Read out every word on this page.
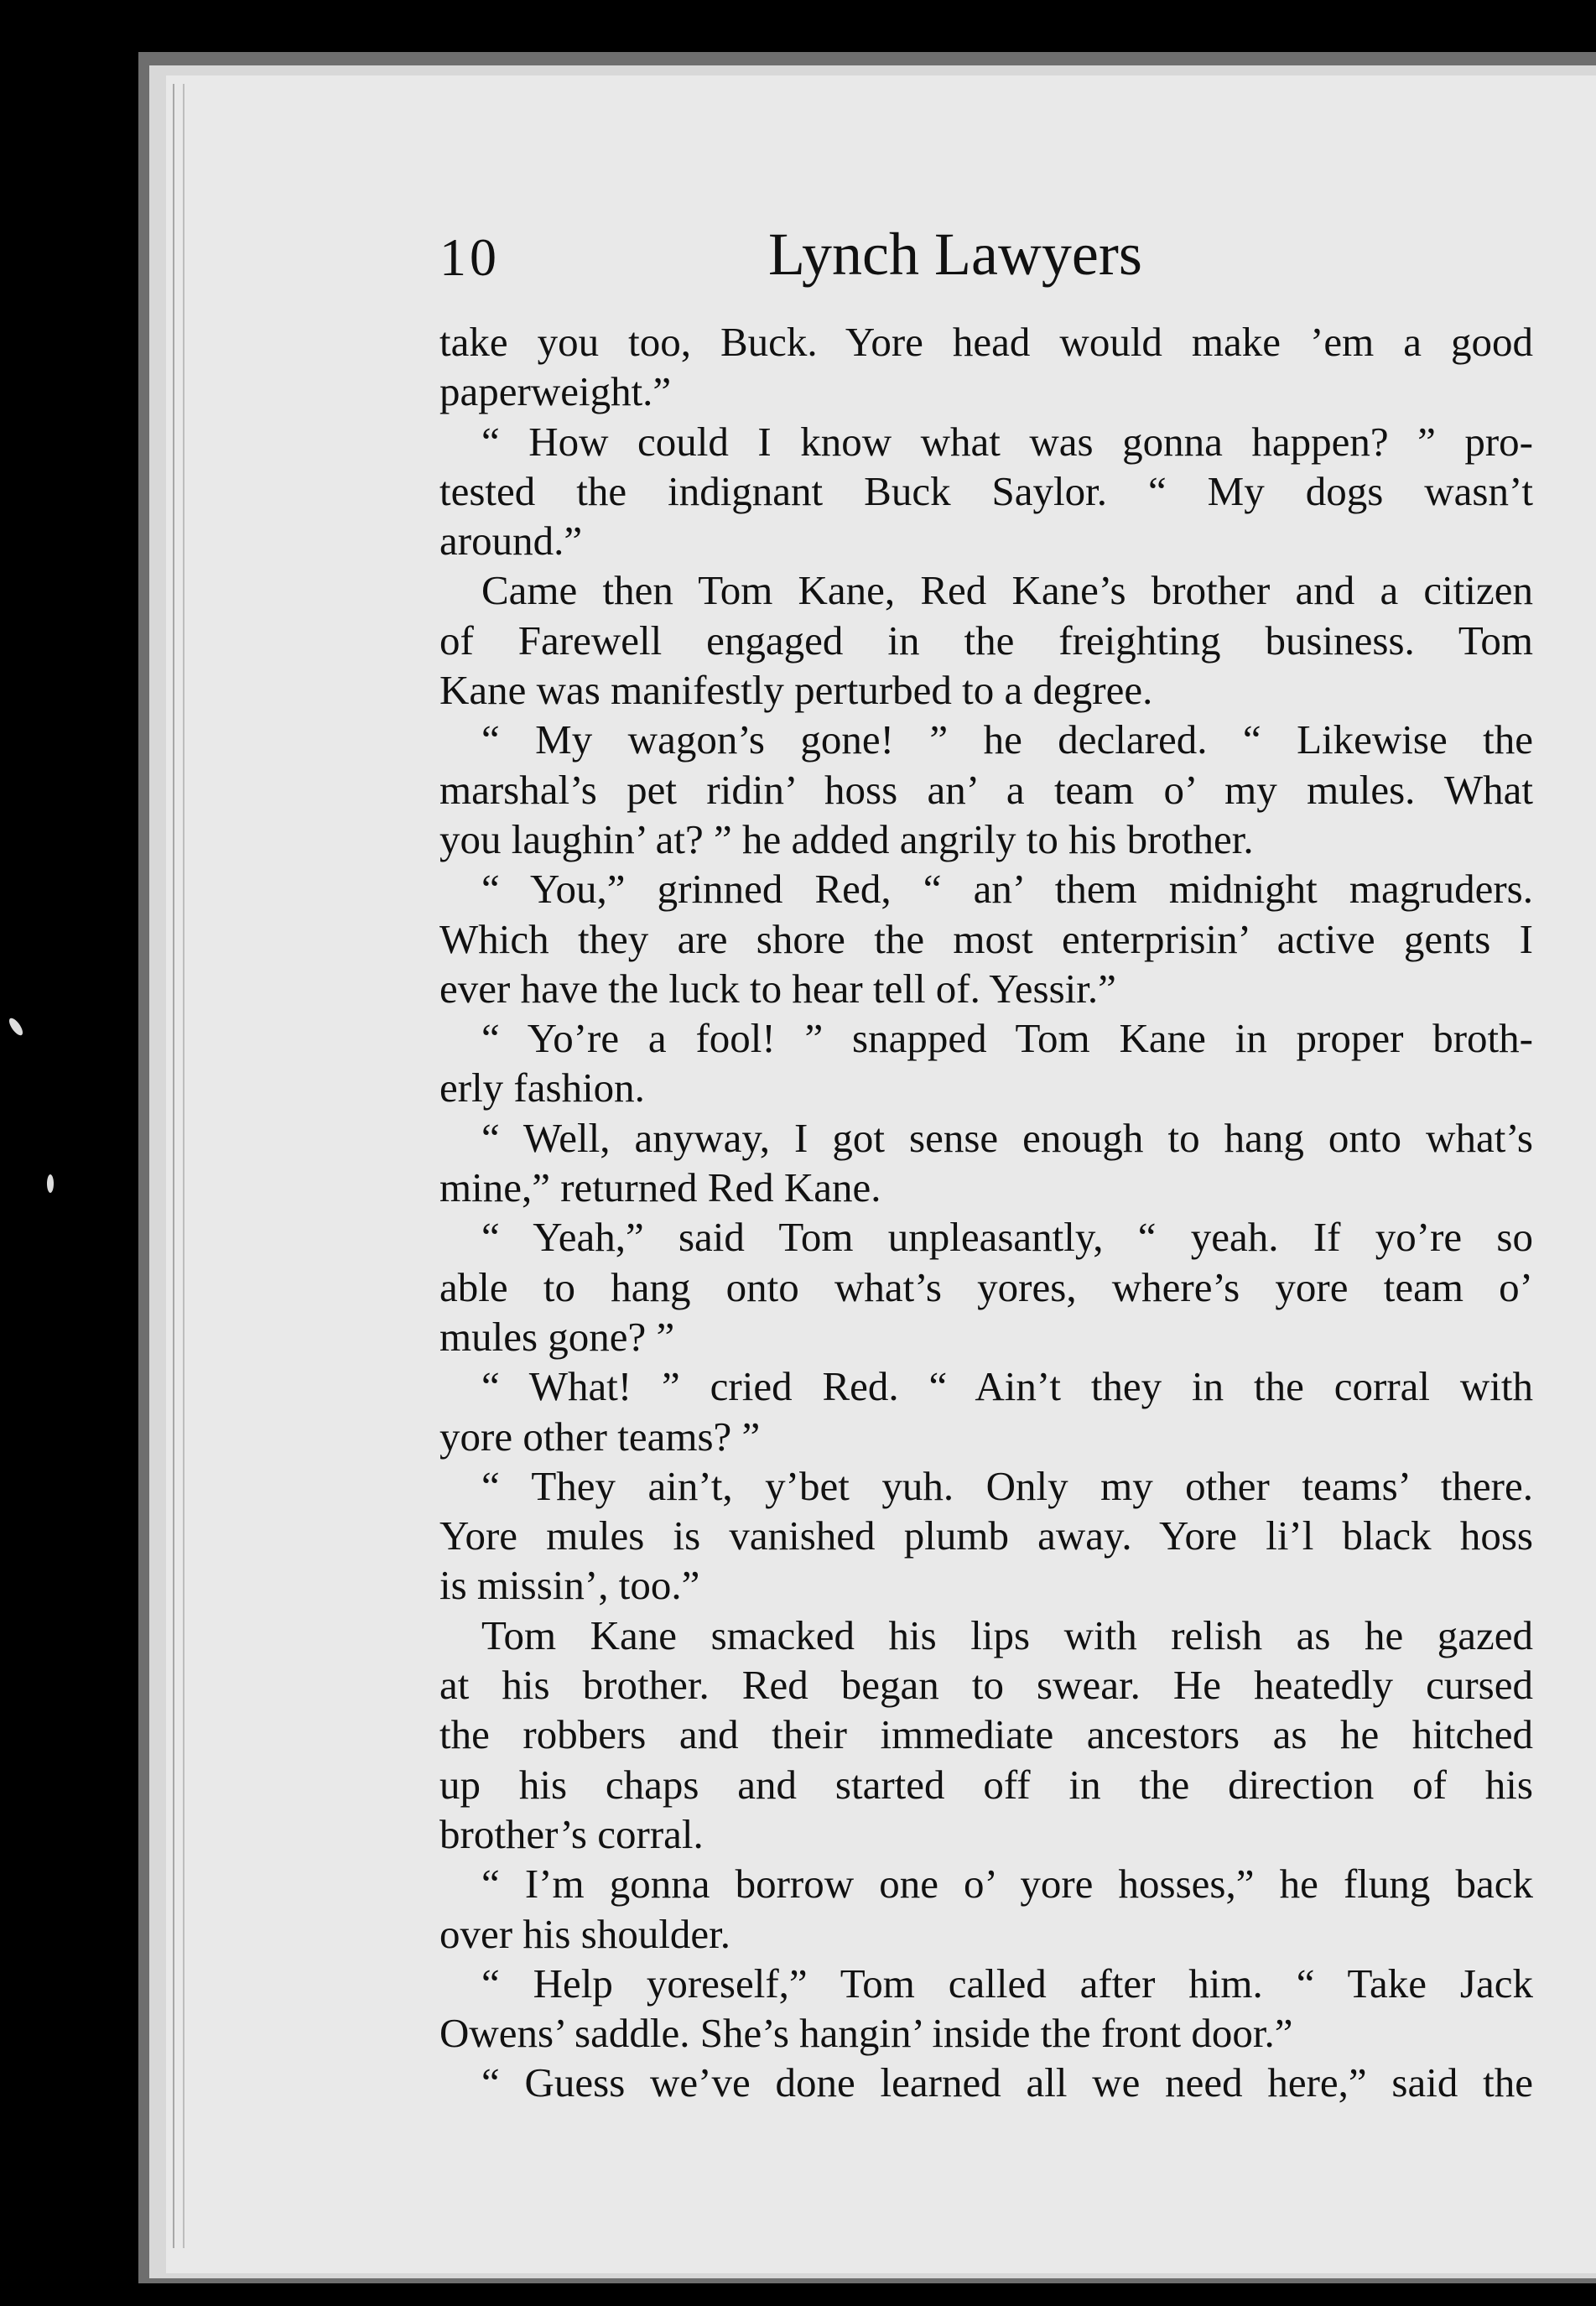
10	Lynch Lawyers
take you too, Buck. Yore head would make ’em a good
paperweight.”
“ How could I know what was gonna happen? ” pro-
tested the indignant Buck Saylor. “ My dogs wasn’t
around.”
Came then Tom Kane, Red Kane’s brother and a citizen
of Farewell engaged in the freighting business. Tom
Kane was manifestly perturbed to a degree.
“ My wagon’s gone! ” he declared. “ Likewise the
marshal’s pet ridin’ hoss an’ a team o’ my mules. What
you laughin’ at? ” he added angrily to his brother.
“ You,” grinned Red, “ an’ them midnight magruders.
Which they are shore the most enterprisin’ active gents I
ever have the luck to hear tell of. Yessir.”
“ Yo’re a fool! ” snapped Tom Kane in proper broth-
erly fashion.
“ Well, anyway, I got sense enough to hang onto what’s
mine,” returned Red Kane.
“ Yeah,” said Tom unpleasantly, “ yeah. If yo’re so
able to hang onto what’s yores, where’s yore team o’
mules gone? ”
“ What! ” cried Red. “ Ain’t they in the corral with
yore other teams? ”
“ They ain’t, y’bet yuh. Only my other teams’ there.
Yore mules is vanished plumb away. Yore li’l black hoss
is missin’, too.”
Tom Kane smacked his lips with relish as he gazed
at his brother. Red began to swear. He heatedly cursed
the robbers and their immediate ancestors as he hitched
up his chaps and started off in the direction of his
brother’s corral.
“ I’m gonna borrow one o’ yore hosses,” he flung back
over his shoulder.
“ Help yoreself,” Tom called after him. “ Take Jack
Owens’ saddle. She’s hangin’ inside the front door.”
“ Guess we’ve done learned all we need here,” said the
